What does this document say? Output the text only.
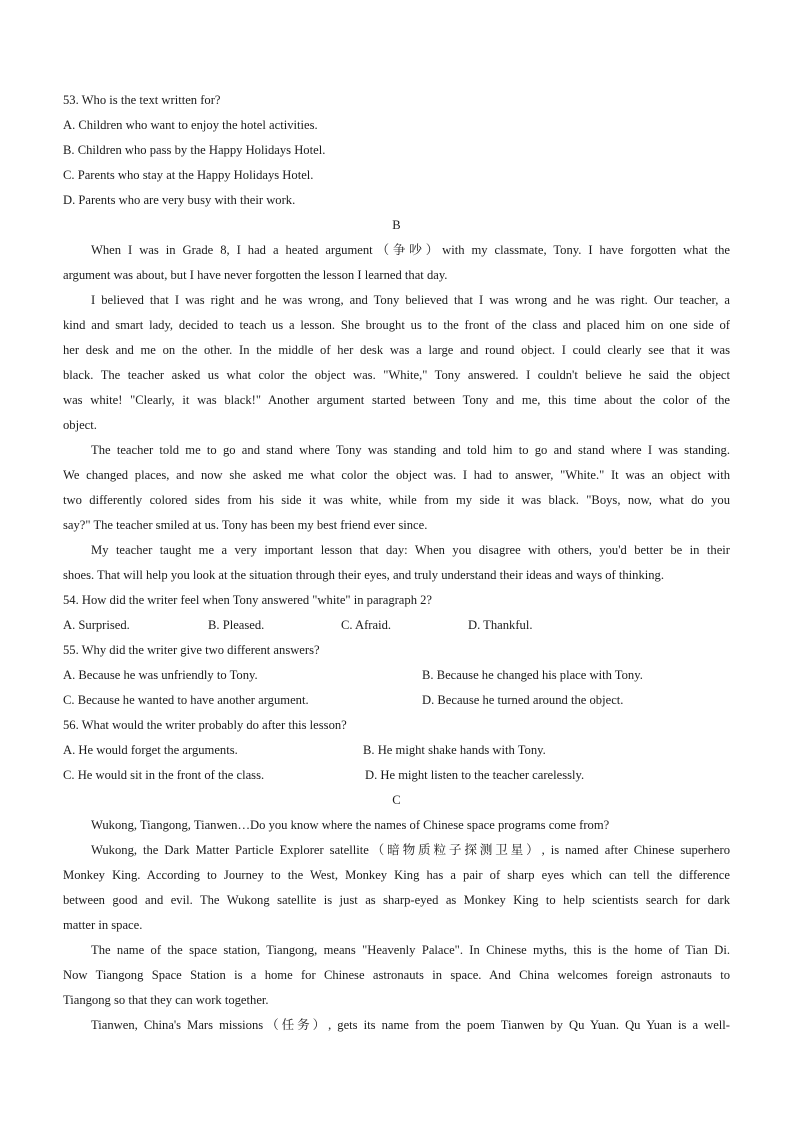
53. Who is the text written for?
A. Children who want to enjoy the hotel activities.
B. Children who pass by the Happy Holidays Hotel.
C. Parents who stay at the Happy Holidays Hotel.
D. Parents who are very busy with their work.
B
When I was in Grade 8, I had a heated argument（争吵）with my classmate, Tony. I have forgotten what the
argument was about, but I have never forgotten the lesson I learned that day.
I believed that I was right and he was wrong, and Tony believed that I was wrong and he was right. Our teacher, a
kind and smart lady, decided to teach us a lesson. She brought us to the front of the class and placed him on one side of
her desk and me on the other. In the middle of her desk was a large and round object. I could clearly see that it was
black. The teacher asked us what color the object was. "White," Tony answered. I couldn't believe he said the object
was white! "Clearly, it was black!" Another argument started between Tony and me, this time about the color of the
object.
The teacher told me to go and stand where Tony was standing and told him to go and stand where I was standing.
We changed places, and now she asked me what color the object was. I had to answer, "White." It was an object with
two differently colored sides from his side it was white, while from my side it was black. "Boys, now, what do you
say?" The teacher smiled at us. Tony has been my best friend ever since.
My teacher taught me a very important lesson that day: When you disagree with others, you'd better be in their
shoes. That will help you look at the situation through their eyes, and truly understand their ideas and ways of thinking.
54. How did the writer feel when Tony answered "white" in paragraph 2?
A. Surprised.	B. Pleased.	C. Afraid.	D. Thankful.
55. Why did the writer give two different answers?
A. Because he was unfriendly to Tony.	B. Because he changed his place with Tony.
C. Because he wanted to have another argument.	D. Because he turned around the object.
56. What would the writer probably do after this lesson?
A. He would forget the arguments.	B. He might shake hands with Tony.
C. He would sit in the front of the class.	D. He might listen to the teacher carelessly.
C
Wukong, Tiangong, Tianwen…Do you know where the names of Chinese space programs come from?
Wukong, the Dark Matter Particle Explorer satellite（暗物质粒子探测卫星）, is named after Chinese superhero
Monkey King. According to Journey to the West, Monkey King has a pair of sharp eyes which can tell the difference
between good and evil. The Wukong satellite is just as sharp-eyed as Monkey King to help scientists search for dark
matter in space.
The name of the space station, Tiangong, means "Heavenly Palace". In Chinese myths, this is the home of Tian Di.
Now Tiangong Space Station is a home for Chinese astronauts in space. And China welcomes foreign astronauts to
Tiangong so that they can work together.
Tianwen, China's Mars missions（任务）, gets its name from the poem Tianwen by Qu Yuan. Qu Yuan is a well-
